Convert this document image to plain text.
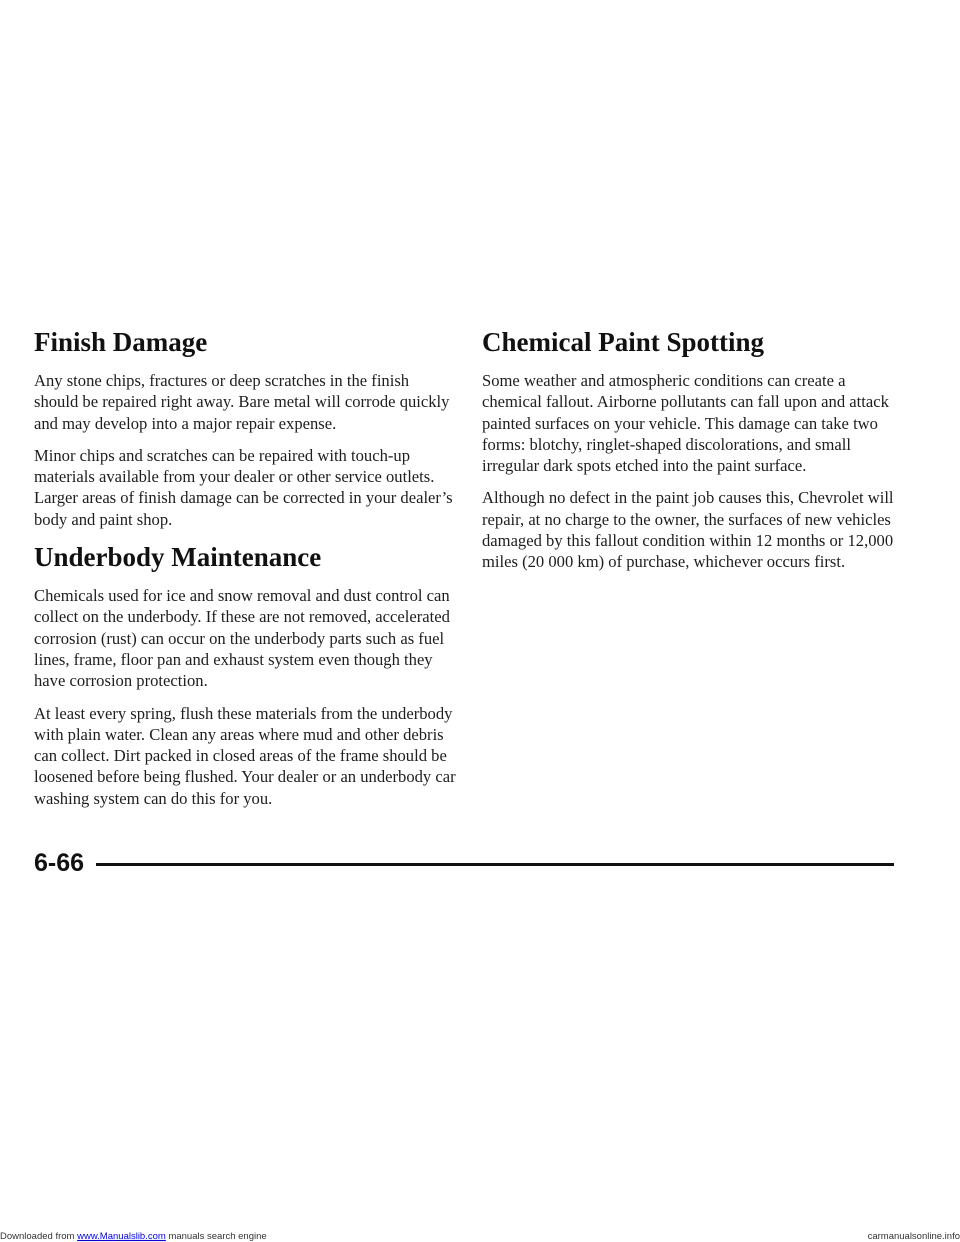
Finish Damage

Any stone chips, fractures or deep scratches in the finish should be repaired right away. Bare metal will corrode quickly and may develop into a major repair expense.

Minor chips and scratches can be repaired with touch-up materials available from your dealer or other service outlets. Larger areas of finish damage can be corrected in your dealer’s body and paint shop.

Underbody Maintenance

Chemicals used for ice and snow removal and dust control can collect on the underbody. If these are not removed, accelerated corrosion (rust) can occur on the underbody parts such as fuel lines, frame, floor pan and exhaust system even though they have corrosion protection.

At least every spring, flush these materials from the underbody with plain water. Clean any areas where mud and other debris can collect. Dirt packed in closed areas of the frame should be loosened before being flushed. Your dealer or an underbody car washing system can do this for you.

Chemical Paint Spotting

Some weather and atmospheric conditions can create a chemical fallout. Airborne pollutants can fall upon and attack painted surfaces on your vehicle. This damage can take two forms: blotchy, ringlet-shaped discolorations, and small irregular dark spots etched into the paint surface.

Although no defect in the paint job causes this, Chevrolet will repair, at no charge to the owner, the surfaces of new vehicles damaged by this fallout condition within 12 months or 12,000 miles (20 000 km) of purchase, whichever occurs first.

6-66
Downloaded from www.Manualslib.com manuals search engine	carmanualsonline.info
